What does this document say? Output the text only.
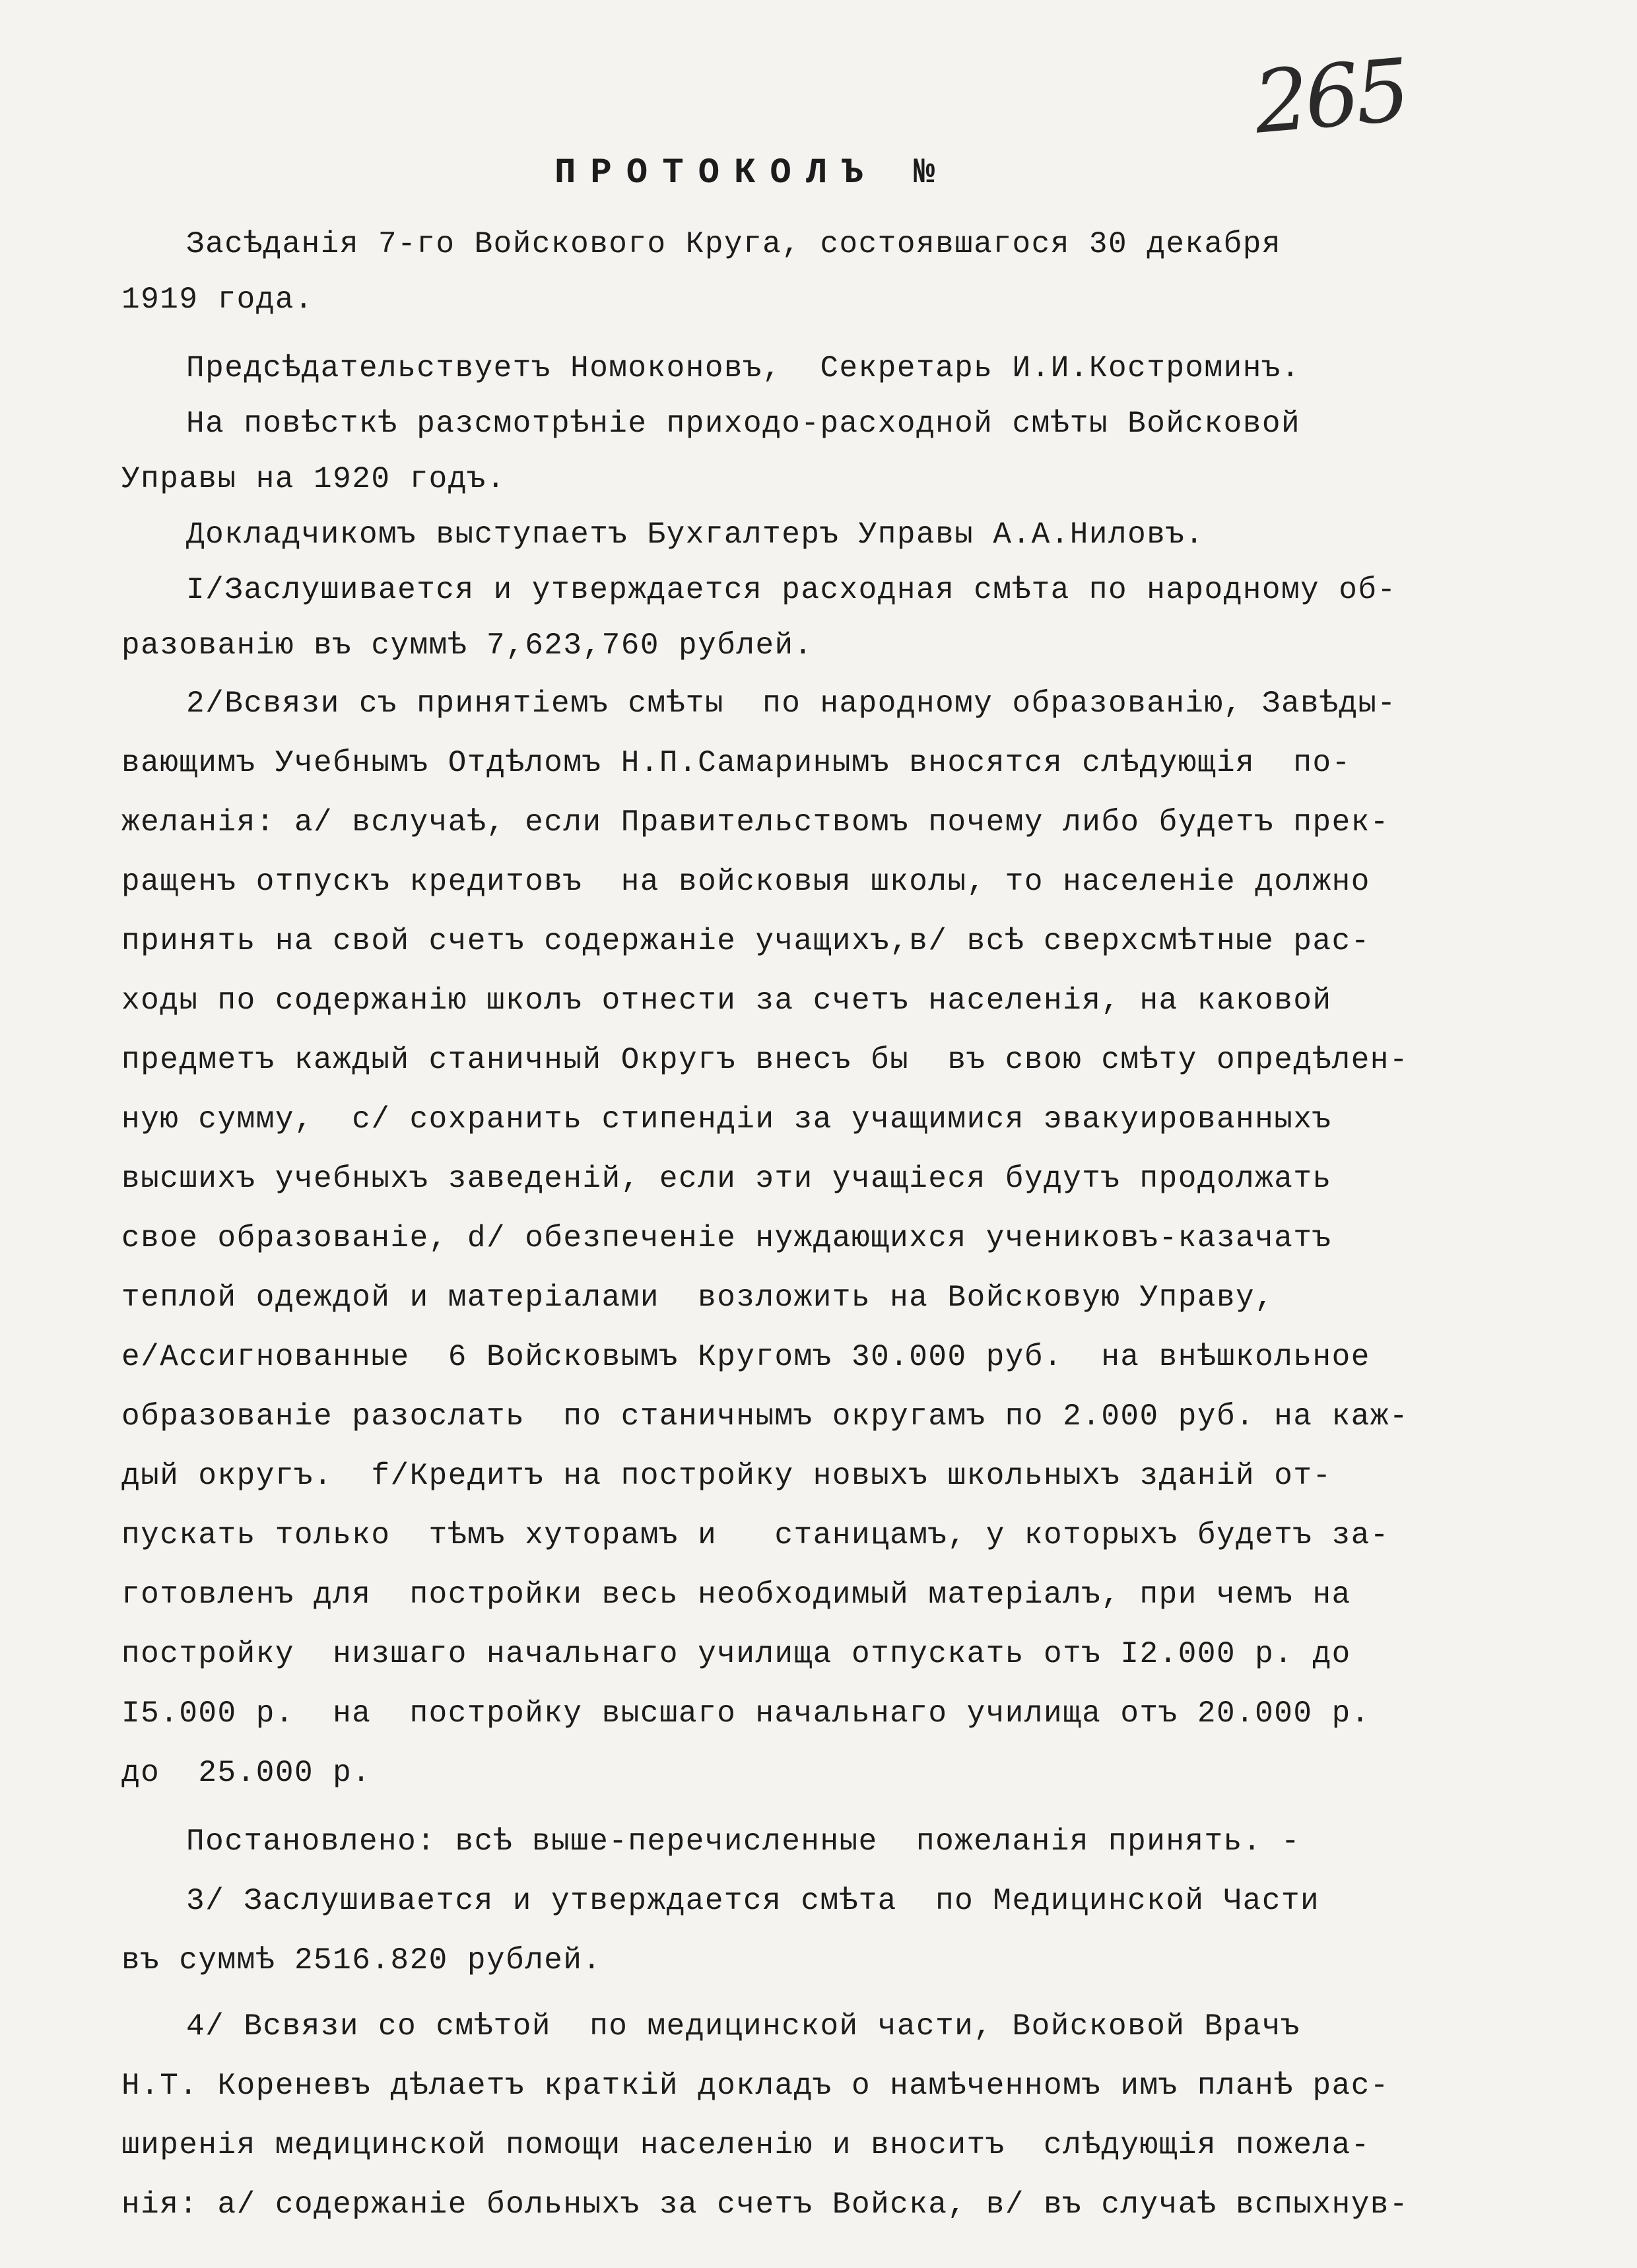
265
ПРОТОКОЛЪ №
Засѣданія 7-го Войскового Круга, состоявшагося 30 декабря
1919 года.
Предсѣдательствуетъ Номоконовъ,  Секретарь И.И.Костроминъ.
На повѣсткѣ разсмотрѣніе приходо-расходной смѣты Войсковой
Управы на 1920 годъ.
Докладчикомъ выступаетъ Бухгалтеръ Управы А.А.Ниловъ.
I/Заслушивается и утверждается расходная смѣта по народному об-
разованію въ суммѣ 7,623,760 рублей.
2/Всвязи съ принятіемъ смѣты  по народному образованію, Завѣды-
вающимъ Учебнымъ Отдѣломъ Н.П.Самаринымъ вносятся слѣдующія  по-
желанія: а/ вслучаѣ, если Правительствомъ почему либо будетъ прек-
ращенъ отпускъ кредитовъ  на войсковыя школы, то населеніе должно
принять на свой счетъ содержаніе учащихъ,в/ всѣ сверхсмѣтные рас-
ходы по содержанію школъ отнести за счетъ населенія, на каковой
предметъ каждый станичный Округъ внесъ бы  въ свою смѣту опредѣлен-
ную сумму,  с/ сохранить стипендіи за учащимися эвакуированныхъ
высшихъ учебныхъ заведеній, если эти учащіеся будутъ продолжать
свое образованіе, d/ обезпеченіе нуждающихся учениковъ-казачатъ
теплой одеждой и матеріалами  возложить на Войсковую Управу,
е/Ассигнованные  6 Войсковымъ Кругомъ 30.000 руб.  на внѣшкольное
образованіе разослать  по станичнымъ округамъ по 2.000 руб. на каж-
дый округъ.  f/Кредитъ на постройку новыхъ школьныхъ зданій от-
пускать только  тѣмъ хуторамъ и   станицамъ, у которыхъ будетъ за-
готовленъ для  постройки весь необходимый матеріалъ, при чемъ на
постройку  низшаго начальнаго училища отпускать отъ I2.000 р. до
I5.000 р.  на  постройку высшаго начальнаго училища отъ 20.000 р.
до  25.000 р.
Постановлено: всѣ выше-перечисленные  пожеланія принять. -
3/ Заслушивается и утверждается смѣта  по Медицинской Части
въ суммѣ 2516.820 рублей.
4/ Всвязи со смѣтой  по медицинской части, Войсковой Врачъ
Н.Т. Кореневъ дѣлаетъ краткій докладъ о намѣченномъ имъ планѣ рас-
ширенія медицинской помощи населенію и вноситъ  слѣдующія пожела-
нія: а/ содержаніе больныхъ за счетъ Войска, в/ въ случаѣ вспыхнув-
